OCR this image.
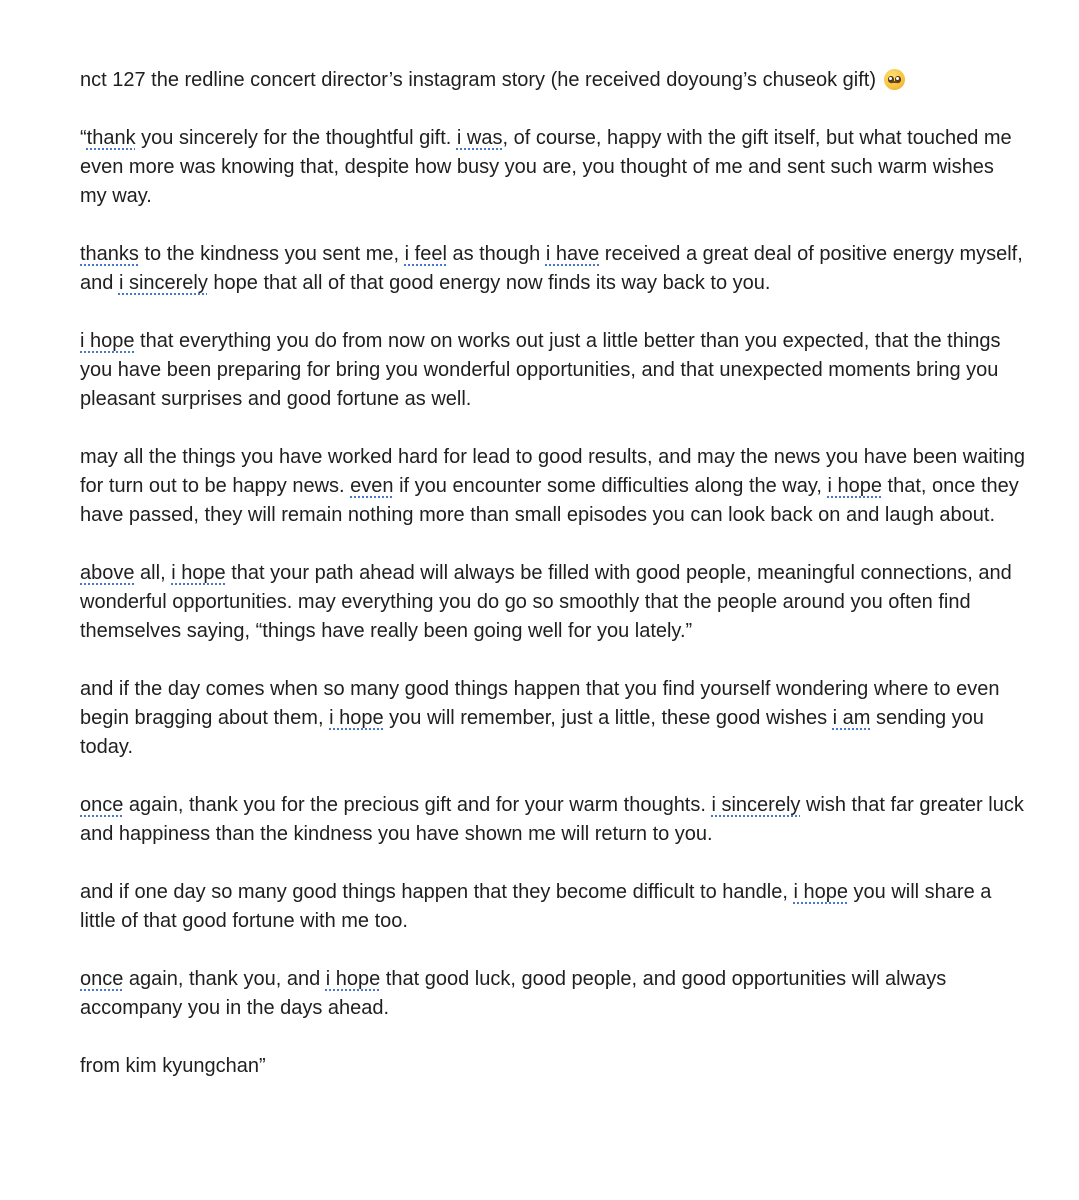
nct 127 the redline concert director’s instagram story (he received doyoung’s chuseok gift)

“thank you sincerely for the thoughtful gift. i was, of course, happy with the gift itself, but what touched me even more was knowing that, despite how busy you are, you thought of me and sent such warm wishes my way.

thanks to the kindness you sent me, i feel as though i have received a great deal of positive energy myself, and i sincerely hope that all of that good energy now finds its way back to you.

i hope that everything you do from now on works out just a little better than you expected, that the things you have been preparing for bring you wonderful opportunities, and that unexpected moments bring you pleasant surprises and good fortune as well.

may all the things you have worked hard for lead to good results, and may the news you have been waiting for turn out to be happy news. even if you encounter some difficulties along the way, i hope that, once they have passed, they will remain nothing more than small episodes you can look back on and laugh about.

above all, i hope that your path ahead will always be filled with good people, meaningful connections, and wonderful opportunities. may everything you do go so smoothly that the people around you often find themselves saying, “things have really been going well for you lately.”

and if the day comes when so many good things happen that you find yourself wondering where to even begin bragging about them, i hope you will remember, just a little, these good wishes i am sending you today.

once again, thank you for the precious gift and for your warm thoughts. i sincerely wish that far greater luck and happiness than the kindness you have shown me will return to you.

and if one day so many good things happen that they become difficult to handle, i hope you will share a little of that good fortune with me too.

once again, thank you, and i hope that good luck, good people, and good opportunities will always accompany you in the days ahead.

from kim kyungchan”
